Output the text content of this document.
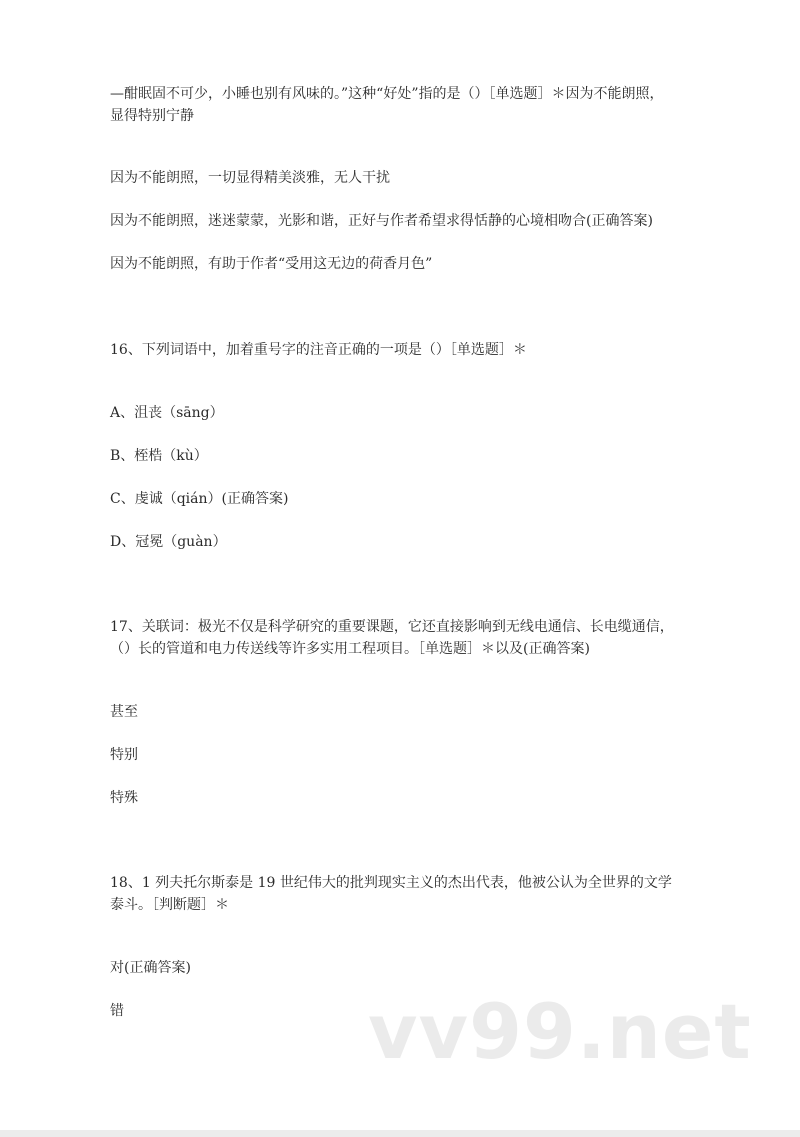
—酣眠固不可少，小睡也别有风味的。”这种“好处”指的是（）［单选题］＊因为不能朗照，
显得特别宁静
因为不能朗照，一切显得精美淡雅，无人干扰
因为不能朗照，迷迷蒙蒙，光影和谐，正好与作者希望求得恬静的心境相吻合(正确答案)
因为不能朗照，有助于作者“受用这无边的荷香月色”
16、下列词语中，加着重号字的注音正确的一项是（）［单选题］＊
A、沮丧（sāng）
B、桎梏（kù）
C、虔诚（qián）(正确答案)
D、冠冕（guàn）
17、关联词：极光不仅是科学研究的重要课题，它还直接影响到无线电通信、长电缆通信，
（）长的管道和电力传送线等许多实用工程项目。［单选题］＊以及(正确答案)
甚至
特别
特殊
18、1 列夫托尔斯泰是 19 世纪伟大的批判现实主义的杰出代表，他被公认为全世界的文学
泰斗。［判断题］＊
对(正确答案)
错	vv99.net
